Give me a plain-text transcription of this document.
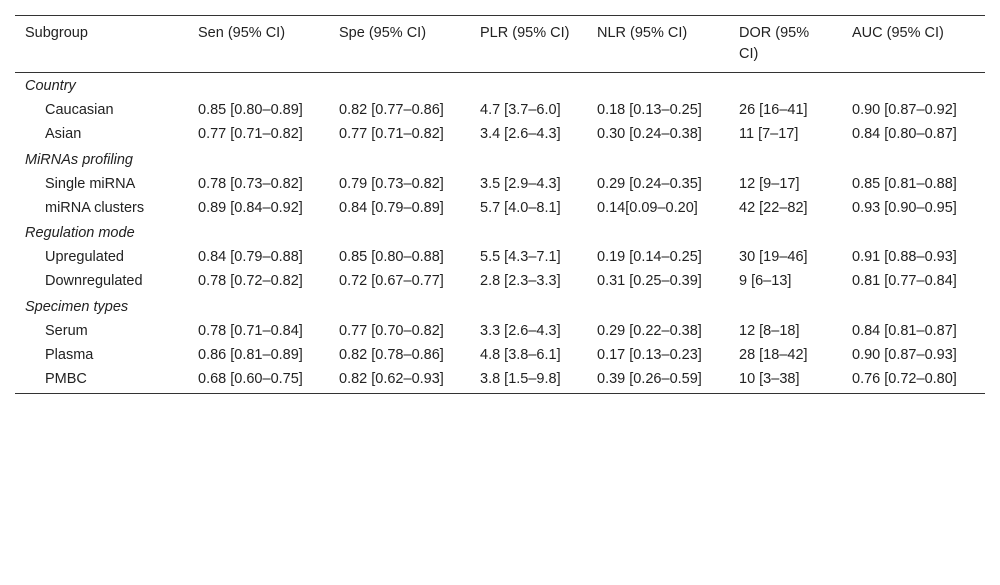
Subgroup	Sen (95% CI)	Spe (95% CI)	PLR (95% CI)	NLR (95% CI)	DOR (95% CI)	AUC (95% CI)
Country						
Caucasian	0.85 [0.80–0.89]	0.82 [0.77–0.86]	4.7 [3.7–6.0]	0.18 [0.13–0.25]	26 [16–41]	0.90 [0.87–0.92]
Asian	0.77 [0.71–0.82]	0.77 [0.71–0.82]	3.4 [2.6–4.3]	0.30 [0.24–0.38]	11 [7–17]	0.84 [0.80–0.87]
MiRNAs profiling						
Single miRNA	0.78 [0.73–0.82]	0.79 [0.73–0.82]	3.5 [2.9–4.3]	0.29 [0.24–0.35]	12 [9–17]	0.85 [0.81–0.88]
miRNA clusters	0.89 [0.84–0.92]	0.84 [0.79–0.89]	5.7 [4.0–8.1]	0.14[0.09–0.20]	42 [22–82]	0.93 [0.90–0.95]
Regulation mode						
Upregulated	0.84 [0.79–0.88]	0.85 [0.80–0.88]	5.5 [4.3–7.1]	0.19 [0.14–0.25]	30 [19–46]	0.91 [0.88–0.93]
Downregulated	0.78 [0.72–0.82]	0.72 [0.67–0.77]	2.8 [2.3–3.3]	0.31 [0.25–0.39]	9 [6–13]	0.81 [0.77–0.84]
Specimen types						
Serum	0.78 [0.71–0.84]	0.77 [0.70–0.82]	3.3 [2.6–4.3]	0.29 [0.22–0.38]	12 [8–18]	0.84 [0.81–0.87]
Plasma	0.86 [0.81–0.89]	0.82 [0.78–0.86]	4.8 [3.8–6.1]	0.17 [0.13–0.23]	28 [18–42]	0.90 [0.87–0.93]
PMBC	0.68 [0.60–0.75]	0.82 [0.62–0.93]	3.8 [1.5–9.8]	0.39 [0.26–0.59]	10 [3–38]	0.76 [0.72–0.80]
